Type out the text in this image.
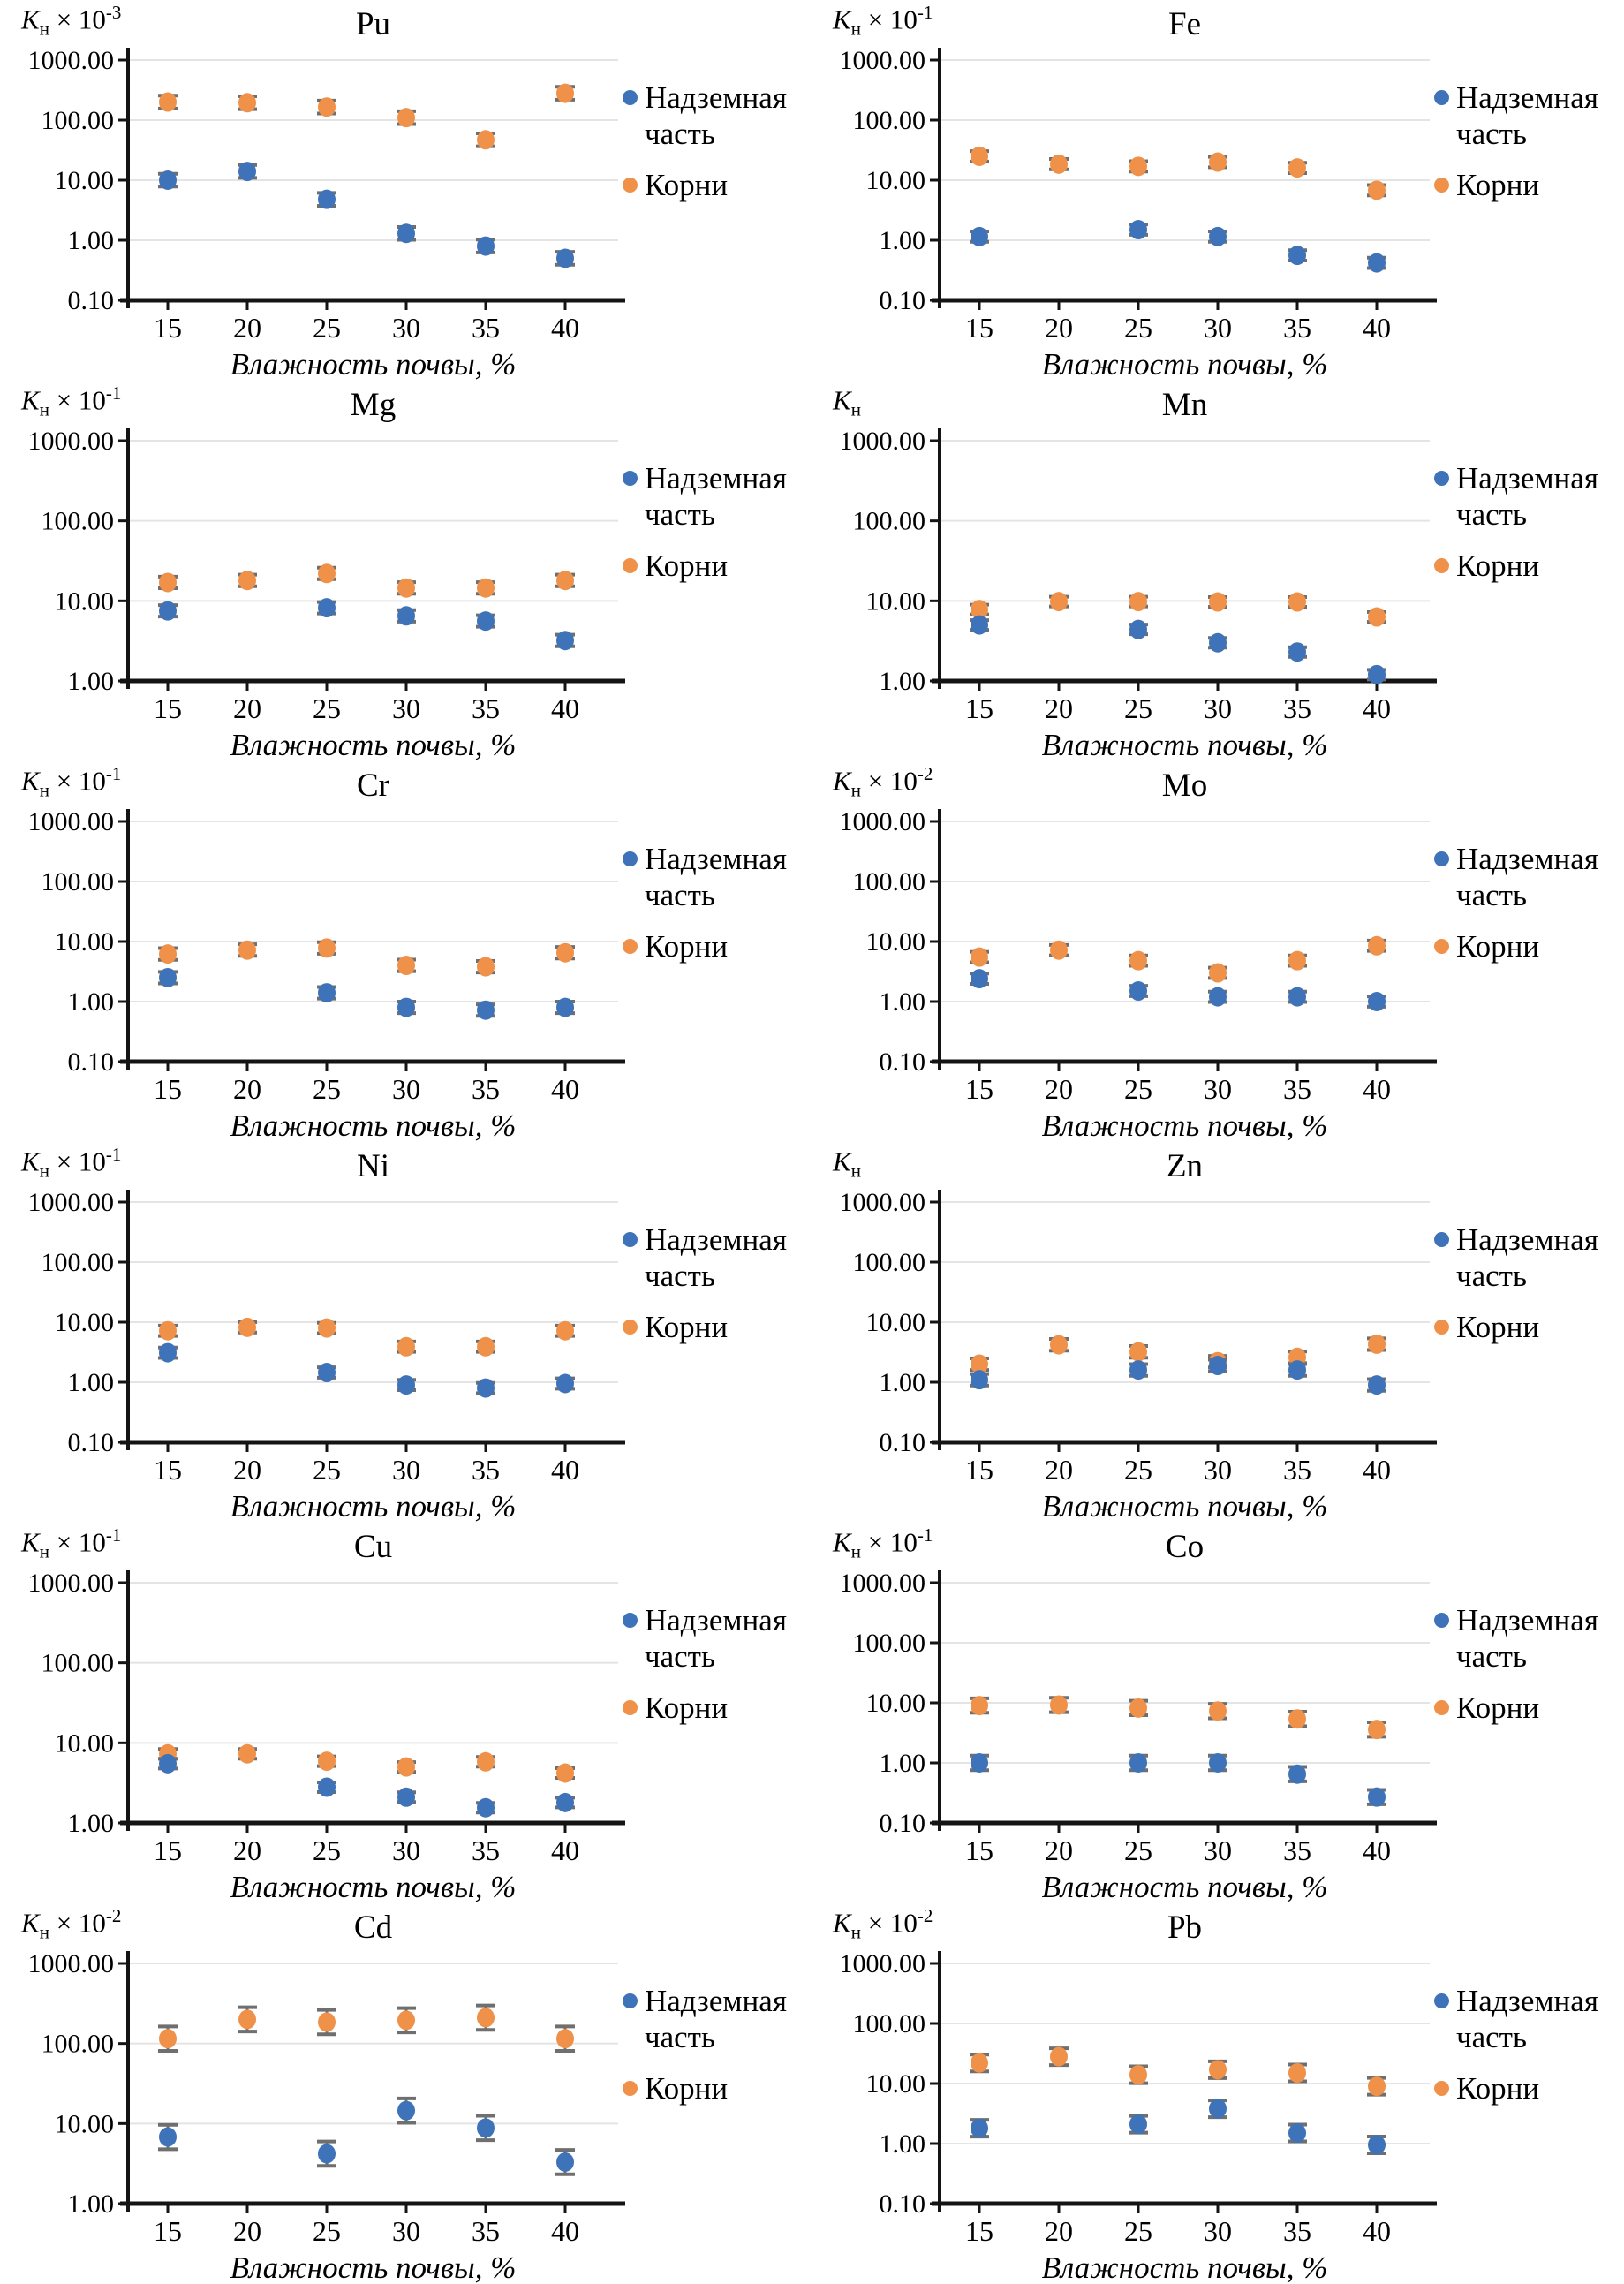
$K_н \times 10^{-3}$	Pu
1000.00
100.00
10.00
1.00
0.10
15 20 25 30 35 40
Влажность почвы, %
Надземная часть
Корни
$K_н \times 10^{-1}$	Fe
1000.00
100.00
10.00
1.00
0.10
15 20 25 30 35 40
Влажность почвы, %
Надземная часть
Корни
$K_н \times 10^{-1}$	Mg
1000.00
100.00
10.00
1.00
15 20 25 30 35 40
Влажность почвы, %
Надземная часть
Корни
$K_н$	Mn
1000.00
100.00
10.00
1.00
15 20 25 30 35 40
Влажность почвы, %
Надземная часть
Корни
$K_н \times 10^{-1}$	Cr
1000.00
100.00
10.00
1.00
0.10
15 20 25 30 35 40
Влажность почвы, %
Надземная часть
Корни
$K_н \times 10^{-2}$	Mo
1000.00
100.00
10.00
1.00
0.10
15 20 25 30 35 40
Влажность почвы, %
Надземная часть
Корни
$K_н \times 10^{-1}$	Ni
1000.00
100.00
10.00
1.00
0.10
15 20 25 30 35 40
Влажность почвы, %
Надземная часть
Корни
$K_н$	Zn
1000.00
100.00
10.00
1.00
0.10
15 20 25 30 35 40
Влажность почвы, %
Надземная часть
Корни
$K_н \times 10^{-1}$	Cu
1000.00
100.00
10.00
1.00
15 20 25 30 35 40
Влажность почвы, %
Надземная часть
Корни
$K_н \times 10^{-1}$	Co
1000.00
100.00
10.00
1.00
0.10
15 20 25 30 35 40
Влажность почвы, %
Надземная часть
Корни
$K_н \times 10^{-2}$	Cd
1000.00
100.00
10.00
1.00
15 20 25 30 35 40
Влажность почвы, %
Надземная часть
Корни
$K_н \times 10^{-2}$	Pb
1000.00
100.00
10.00
1.00
0.10
15 20 25 30 35 40
Влажность почвы, %
Надземная часть
Корни
